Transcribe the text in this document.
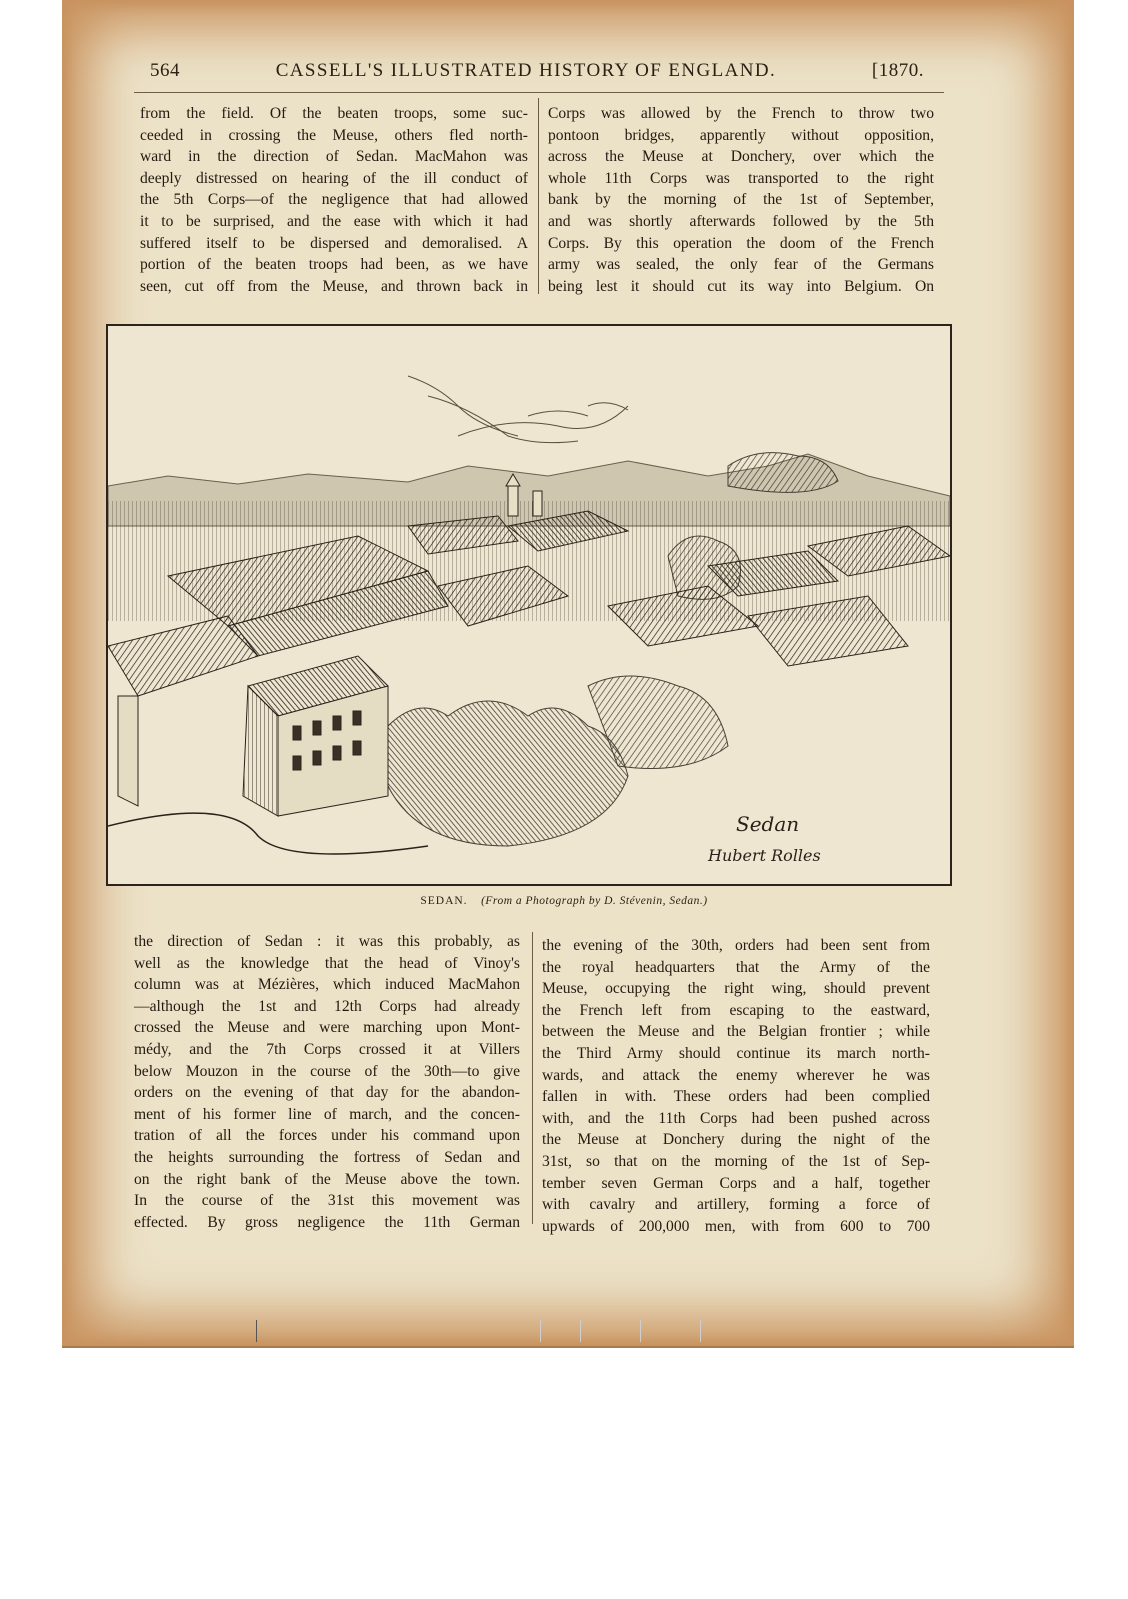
564	CASSELL'S ILLUSTRATED HISTORY OF ENGLAND.	[1870.

from the field. Of the beaten troops, some suc-

ceeded in crossing the Meuse, others fled north-

ward in the direction of Sedan. MacMahon was

deeply distressed on hearing of the ill conduct of

the 5th Corps—of the negligence that had allowed

it to be surprised, and the ease with which it had

suffered itself to be dispersed and demoralised. A

portion of the beaten troops had been, as we have

seen, cut off from the Meuse, and thrown back in

Corps was allowed by the French to throw two

pontoon bridges, apparently without opposition,

across the Meuse at Donchery, over which the

whole 11th Corps was transported to the right

bank by the morning of the 1st of September,

and was shortly afterwards followed by the 5th

Corps. By this operation the doom of the French

army was sealed, the only fear of the Germans

being lest it should cut its way into Belgium. On

Sedan
Hubert Rolles
SEDAN. (From a Photograph by D. Stévenin, Sedan.)

the direction of Sedan : it was this probably, as

well as the knowledge that the head of Vinoy's

column was at Mézières, which induced MacMahon

—although the 1st and 12th Corps had already

crossed the Meuse and were marching upon Mont-

médy, and the 7th Corps crossed it at Villers

below Mouzon in the course of the 30th—to give

orders on the evening of that day for the abandon-

ment of his former line of march, and the concen-

tration of all the forces under his command upon

the heights surrounding the fortress of Sedan and

on the right bank of the Meuse above the town.

In the course of the 31st this movement was

effected. By gross negligence the 11th German

the evening of the 30th, orders had been sent from

the royal headquarters that the Army of the

Meuse, occupying the right wing, should prevent

the French left from escaping to the eastward,

between the Meuse and the Belgian frontier ; while

the Third Army should continue its march north-

wards, and attack the enemy wherever he was

fallen in with. These orders had been complied

with, and the 11th Corps had been pushed across

the Meuse at Donchery during the night of the

31st, so that on the morning of the 1st of Sep-

tember seven German Corps and a half, together

with cavalry and artillery, forming a force of

upwards of 200,000 men, with from 600 to 700
